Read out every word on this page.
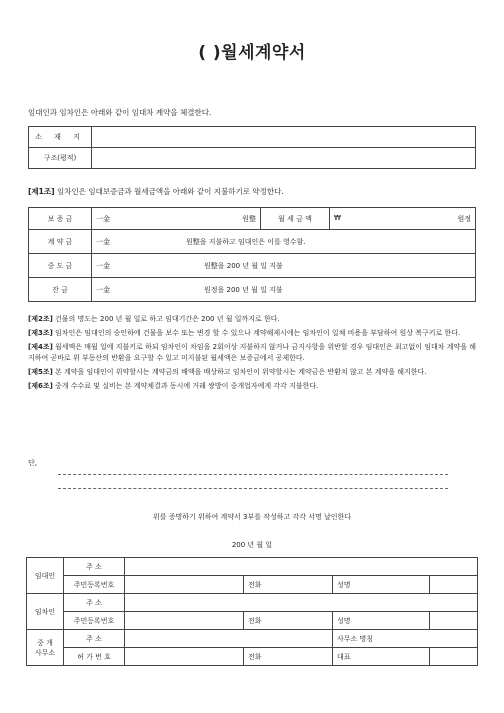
( )월세계약서
임대인과 임차인은 아래와 같이 임대차 계약을 체결한다.
소 재 지	
구조(평적)	
[제1조] 임차인은 임대보증금과 월세금액을 아래와 같이 지불하기로 약정한다.
보 증 금	一金 원整	월 세 금 액	₩ 원정

계 약 금	一金 원整을 지불하고 임대인은 이를 영수함.		
중 도 금	一金 원整을 200 년 월 일 지불		
잔 금	一金 원정을 200 년 월 일 지불		
[제2조] 건물의 명도는 200 년 월 일로 하고 임대기간은 200 년 월 일까지로 한다.
[제3조] 임차인은 임대인의 승인하에 건물을 보수 또는 변경 할 수 있으나 계약해제시에는 임차인이 일체 비용을 부담하여 원상 복구키로 한다.
[제4조] 월세액은 매월 일에 지불키로 하되 임차인이 차임을 2회이상 지불하지 않거나 금지사항을 위반할 경우 임대인은 최고없이 임대차 계약을 해지하여 곧바로 위 부동산의 반환을 요구할 수 있고 미지불된 월세액은 보증금에서 공제한다.
[제5조] 본 계약을 임대인이 위약할시는 계약금의 배액을 배상하고 임차인이 위약할시는 계약금은 반환치 않고 본 계약을 해지한다.
[제6조] 중개 수수료 및 실비는 본 계약체결과 동시에 거래 쌍방이 중개업자에게 각각 지불한다.
단,
위를 증명하기 위하여 계약서 3부를 작성하고 각각 서명 날인한다
200 년 월 일
임대인	주 소				
	주민등록번호		전화	성명	
임차인	주 소				
	주민등록번호		전화	성명	

중 개
사무소	주 소			사무소 명칭	
	허 가 번 호		전화	대표	
